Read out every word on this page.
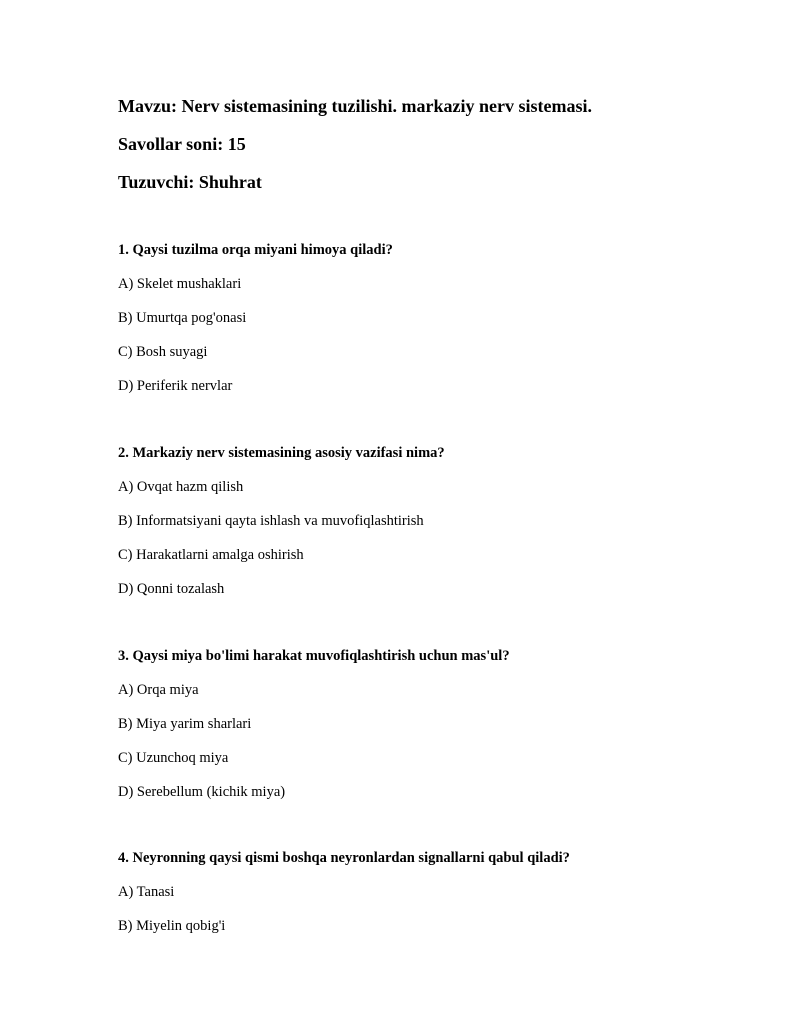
Mavzu: Nerv sistemasining tuzilishi. markaziy nerv sistemasi.
Savollar soni: 15
Tuzuvchi: Shuhrat
1. Qaysi tuzilma orqa miyani himoya qiladi?
A) Skelet mushaklari
B) Umurtqa pog'onasi
C) Bosh suyagi
D) Periferik nervlar
2. Markaziy nerv sistemasining asosiy vazifasi nima?
A) Ovqat hazm qilish
B) Informatsiyani qayta ishlash va muvofiqlashtirish
C) Harakatlarni amalga oshirish
D) Qonni tozalash
3. Qaysi miya bo'limi harakat muvofiqlashtirish uchun mas'ul?
A) Orqa miya
B) Miya yarim sharlari
C) Uzunchoq miya
D) Serebellum (kichik miya)
4. Neyronning qaysi qismi boshqa neyronlardan signallarni qabul qiladi?
A) Tanasi
B) Miyelin qobig'i
